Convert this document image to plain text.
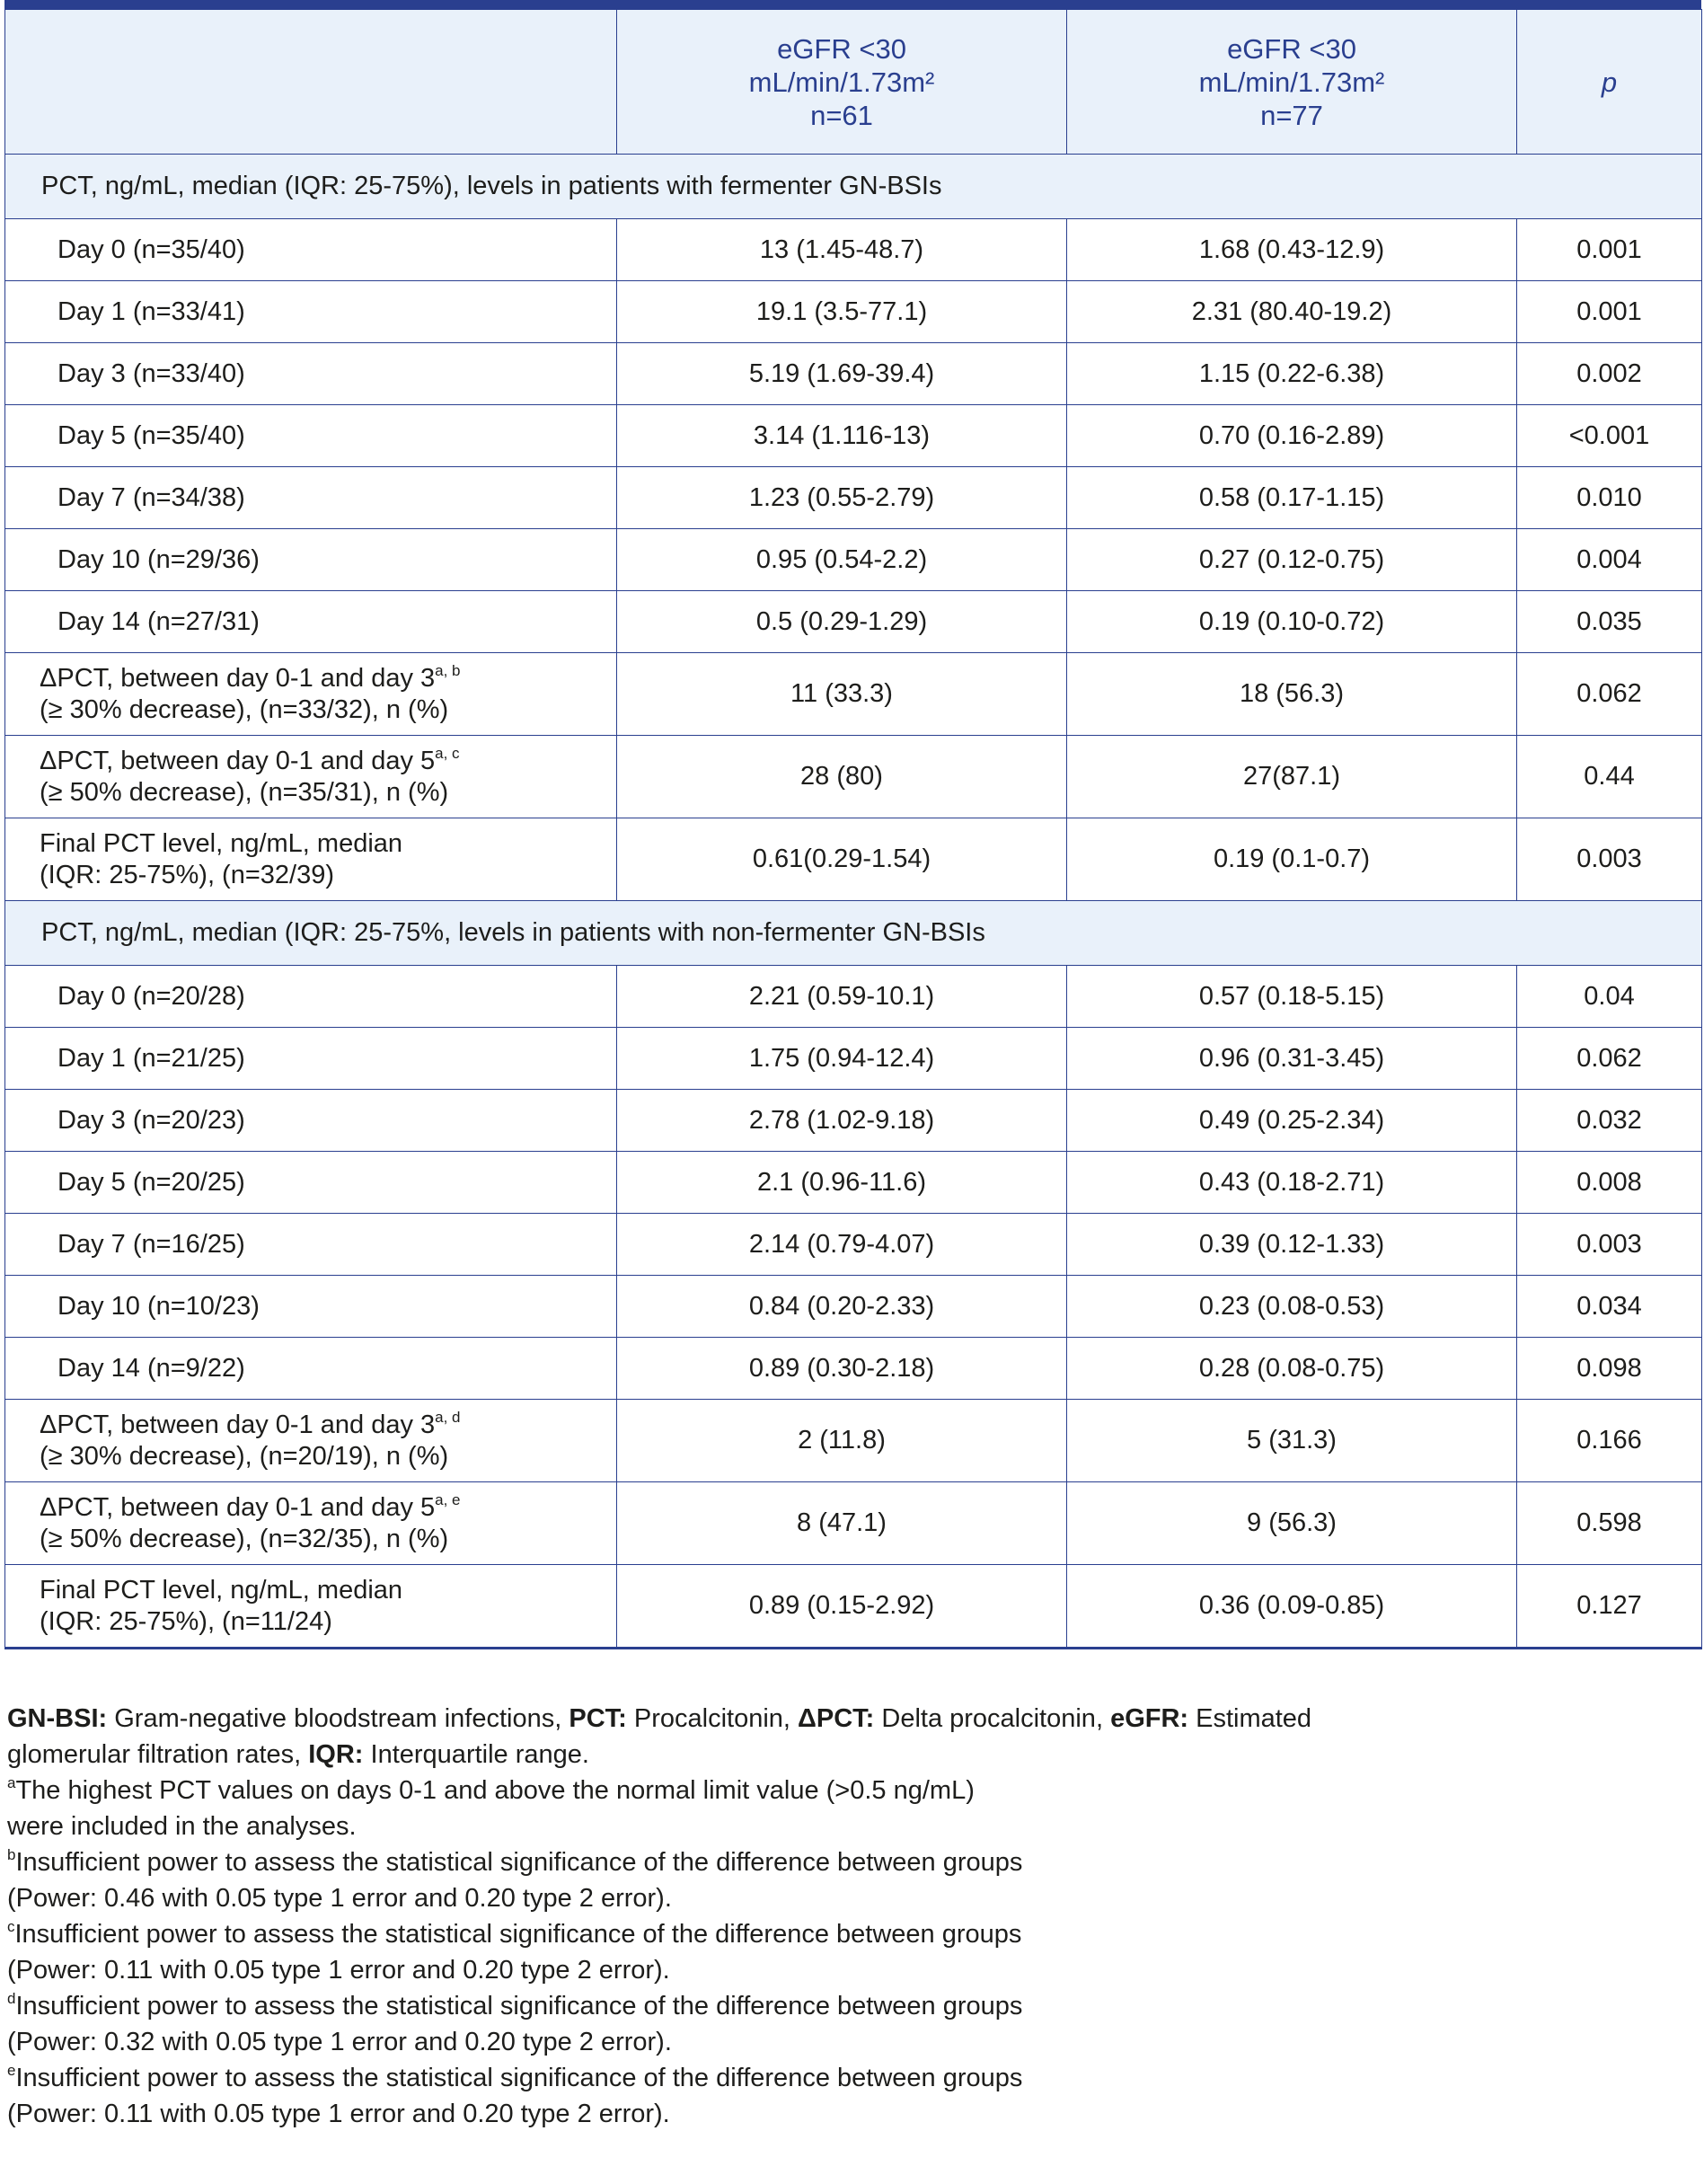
	eGFR <30
mL/min/1.73m²
n=61	eGFR <30
mL/min/1.73m²
n=77	p
PCT, ng/mL, median (IQR: 25-75%), levels in patients with fermenter GN-BSIs			
Day 0 (n=35/40)	13 (1.45-48.7)	1.68 (0.43-12.9)	0.001
Day 1 (n=33/41)	19.1 (3.5-77.1)	2.31 (80.40-19.2)	0.001
Day 3 (n=33/40)	5.19 (1.69-39.4)	1.15 (0.22-6.38)	0.002
Day 5 (n=35/40)	3.14 (1.116-13)	0.70 (0.16-2.89)	<0.001
Day 7 (n=34/38)	1.23 (0.55-2.79)	0.58 (0.17-1.15)	0.010
Day 10 (n=29/36)	0.95 (0.54-2.2)	0.27 (0.12-0.75)	0.004
Day 14 (n=27/31)	0.5 (0.29-1.29)	0.19 (0.10-0.72)	0.035
ΔPCT, between day 0-1 and day 3$^{a, b}$
(≥ 30% decrease), (n=33/32), n (%)	11 (33.3)	18 (56.3)	0.062
ΔPCT, between day 0-1 and day 5$^{a, c}$
(≥ 50% decrease), (n=35/31), n (%)	28 (80)	27(87.1)	0.44
Final PCT level, ng/mL, median
(IQR: 25-75%), (n=32/39)	0.61(0.29-1.54)	0.19 (0.1-0.7)	0.003
PCT, ng/mL, median (IQR: 25-75%, levels in patients with non-fermenter GN-BSIs			
Day 0 (n=20/28)	2.21 (0.59-10.1)	0.57 (0.18-5.15)	0.04
Day 1 (n=21/25)	1.75 (0.94-12.4)	0.96 (0.31-3.45)	0.062
Day 3 (n=20/23)	2.78 (1.02-9.18)	0.49 (0.25-2.34)	0.032
Day 5 (n=20/25)	2.1 (0.96-11.6)	0.43 (0.18-2.71)	0.008
Day 7 (n=16/25)	2.14 (0.79-4.07)	0.39 (0.12-1.33)	0.003
Day 10 (n=10/23)	0.84 (0.20-2.33)	0.23 (0.08-0.53)	0.034
Day 14 (n=9/22)	0.89 (0.30-2.18)	0.28 (0.08-0.75)	0.098
ΔPCT, between day 0-1 and day 3$^{a, d}$
(≥ 30% decrease), (n=20/19), n (%)	2 (11.8)	5 (31.3)	0.166
ΔPCT, between day 0-1 and day 5$^{a, e}$
(≥ 50% decrease), (n=32/35), n (%)	8 (47.1)	9 (56.3)	0.598
Final PCT level, ng/mL, median
(IQR: 25-75%), (n=11/24)	0.89 (0.15-2.92)	0.36 (0.09-0.85)	0.127

GN-BSI: Gram-negative bloodstream infections, PCT: Procalcitonin, ΔPCT: Delta procalcitonin, eGFR: Estimated glomerular filtration rates, IQR: Interquartile range.

$^a$The highest PCT values on days 0-1 and above the normal limit value (>0.5 ng/mL)
were included in the analyses.

$^b$Insufficient power to assess the statistical significance of the difference between groups
(Power: 0.46 with 0.05 type 1 error and 0.20 type 2 error).

$^c$Insufficient power to assess the statistical significance of the difference between groups
(Power: 0.11 with 0.05 type 1 error and 0.20 type 2 error).

$^d$Insufficient power to assess the statistical significance of the difference between groups
(Power: 0.32 with 0.05 type 1 error and 0.20 type 2 error).

$^e$Insufficient power to assess the statistical significance of the difference between groups
(Power: 0.11 with 0.05 type 1 error and 0.20 type 2 error).
